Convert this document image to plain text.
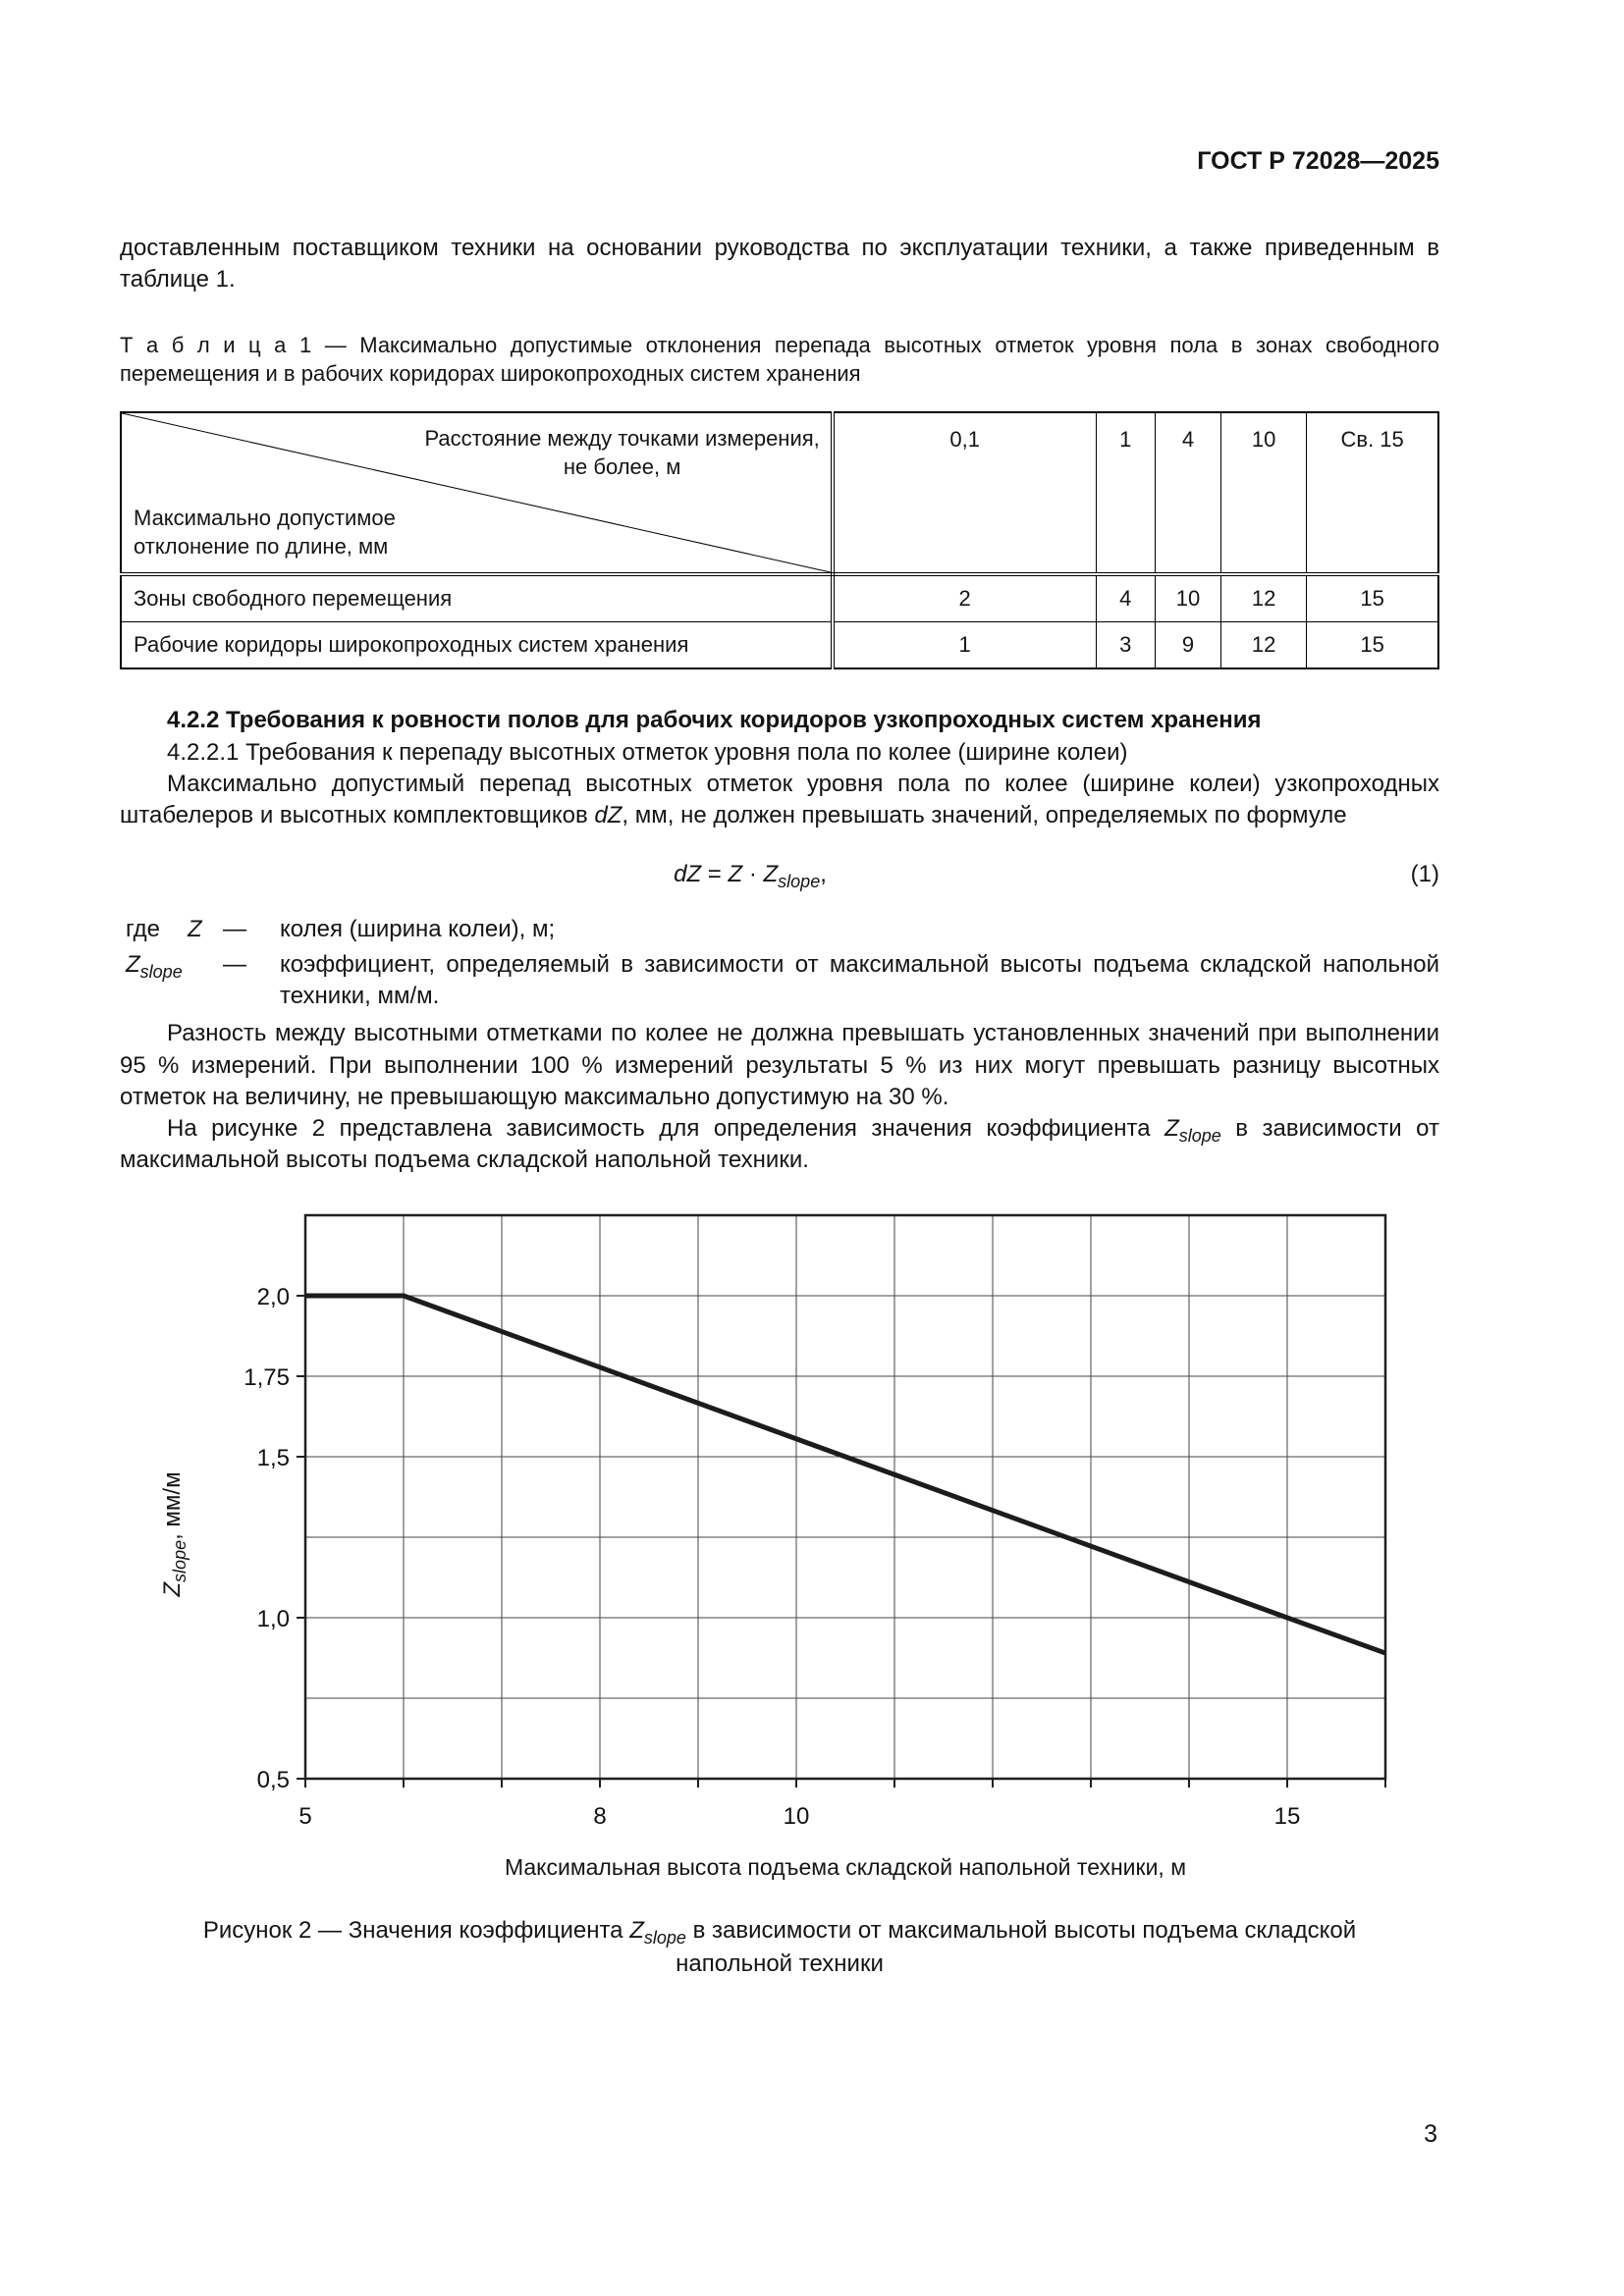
ГОСТ Р 72028—2025

доставленным поставщиком техники на основании руководства по эксплуатации техники, а также приведенным в таблице 1.

Т а б л и ц а 1 — Максимально допустимые отклонения перепада высотных отметок уровня пола в зонах свободного перемещения и в рабочих коридорах широкопроходных систем хранения

Расстояние между точками измерения, не более, м
Максимально допустимое отклонение по длине, мм	0,1	1	4	10	Св. 15

Зоны свободного перемещения	2	4	10	12	15
Рабочие коридоры широкопроходных систем хранения	1	3	9	12	15

4.2.2 Требования к ровности полов для рабочих коридоров узкопроходных систем хранения

4.2.2.1 Требования к перепаду высотных отметок уровня пола по колее (ширине колеи)

Максимально допустимый перепад высотных отметок уровня пола по колее (ширине колеи) узкопроходных штабелеров и высотных комплектовщиков dZ, мм, не должен превышать значений, определяемых по формуле

dZ = $Z \cdot Z_{slope}$,	(1)
где Z —	колея (ширина колеи), м;
$Z_{slope}$	—	коэффициент, определяемый в зависимости от максимальной высоты подъема складской напольной техники, мм/м.

Разность между высотными отметками по колее не должна превышать установленных значений при выполнении 95 % измерений. При выполнении 100 % измерений результаты 5 % из них могут превышать разницу высотных отметок на величину, не превышающую максимально допустимую на 30 %.

На рисунке 2 представлена зависимость для определения значения коэффициента $Z_{slope}$ в зависимости от максимальной высоты подъема складской напольной техники.

$Z_{slope}$, мм/м
5	8	10	15
2,0
1,75
1,5
1,0
0,5
Максимальная высота подъема складской напольной техники, м

Рисунок 2 — Значения коэффициента $Z_{slope}$ в зависимости от максимальной высоты подъема складской напольной техники

3
